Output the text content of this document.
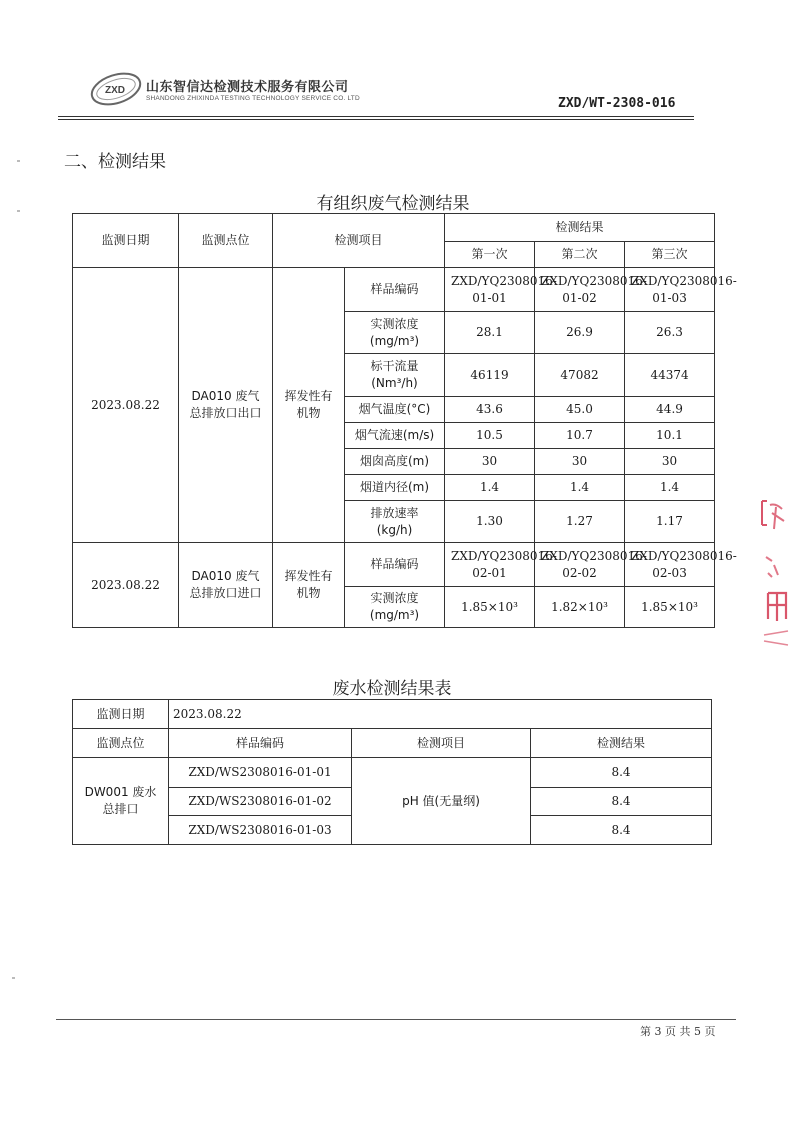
ZXD 山东智信达检测技术服务有限公司
SHANDONG ZHIXINDA TESTING TECHNOLOGY SERVICE CO. LTD	ZXD/WT-2308-016
二、检测结果
有组织废气检测结果
监测日期	监测点位	检测项目		检测结果		
				第一次	第二次	第三次
2023.08.22	DA010 废气总排放口出口	挥发性有机物	样品编码	ZXD/YQ2308016-01-01	ZXD/YQ2308016-01-02	ZXD/YQ2308016-01-03
			实测浓度(mg/m³)	28.1	26.9	26.3
			标干流量(Nm³/h)	46119	47082	44374
			烟气温度(°C)	43.6	45.0	44.9
			烟气流速(m/s)	10.5	10.7	10.1
			烟囱高度(m)	30	30	30
			烟道内径(m)	1.4	1.4	1.4
			排放速率(kg/h)	1.30	1.27	1.17
2023.08.22	DA010 废气总排放口进口	挥发性有机物	样品编码	ZXD/YQ2308016-02-01	ZXD/YQ2308016-02-02	ZXD/YQ2308016-02-03
			实测浓度(mg/m³)	1.85×10³	1.82×10³	1.85×10³
废水检测结果表
监测日期	2023.08.22		
监测点位	样品编码	检测项目	检测结果
DW001 废水总排口	ZXD/WS2308016-01-01	pH 值(无量纲)	8.4
	ZXD/WS2308016-01-02		8.4
	ZXD/WS2308016-01-03		8.4
第 3 页 共 5 页
